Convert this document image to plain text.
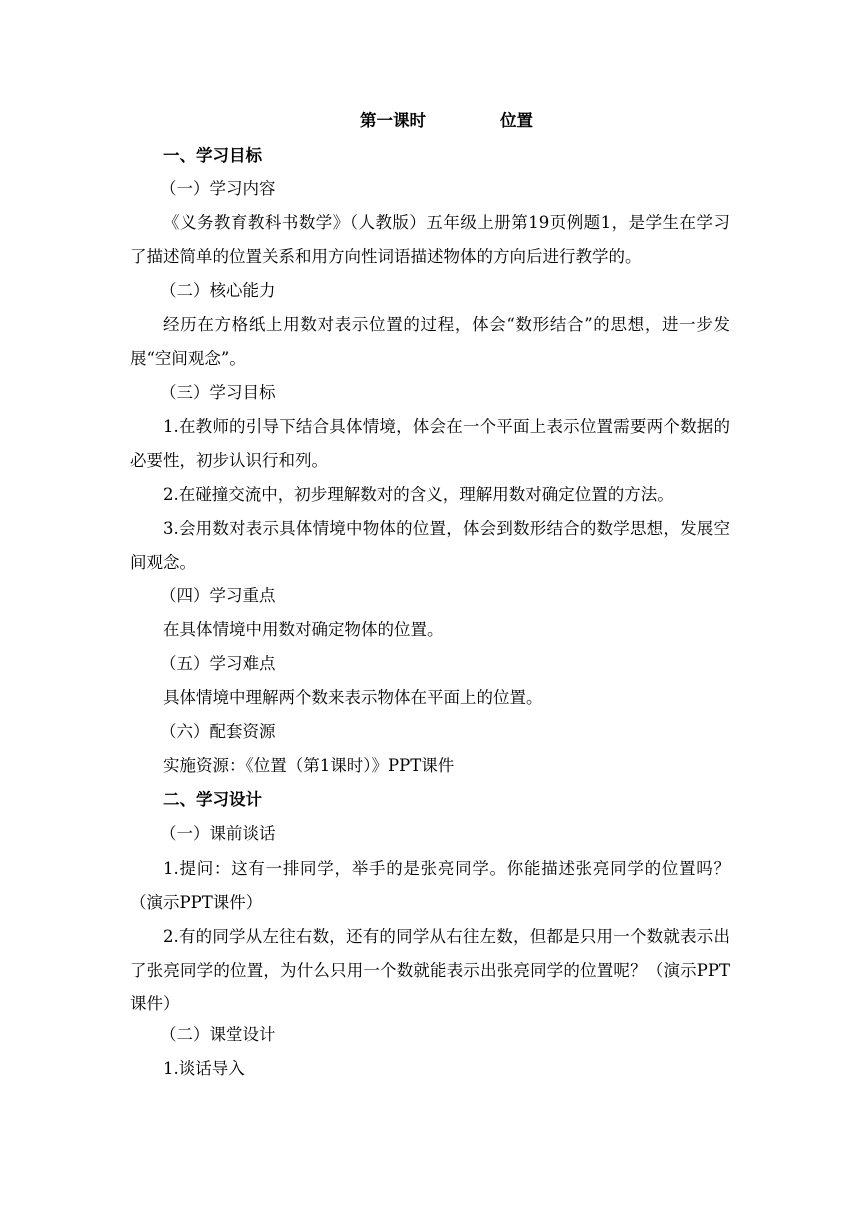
第一课时	位置
一、学习目标
（一）学习内容
《义务教育教科书数学》（人教版）五年级上册第19页例题1，是学生在学习了描述简单的位置关系和用方向性词语描述物体的方向后进行教学的。
（二）核心能力
经历在方格纸上用数对表示位置的过程，体会“数形结合”的思想，进一步发展“空间观念”。
（三）学习目标
1.在教师的引导下结合具体情境，体会在一个平面上表示位置需要两个数据的必要性，初步认识行和列。
2.在碰撞交流中，初步理解数对的含义，理解用数对确定位置的方法。
3.会用数对表示具体情境中物体的位置，体会到数形结合的数学思想，发展空间观念。
（四）学习重点
在具体情境中用数对确定物体的位置。
（五）学习难点
具体情境中理解两个数来表示物体在平面上的位置。
（六）配套资源
实施资源：《位置（第1课时）》PPT课件
二、学习设计
（一）课前谈话
1.提问：这有一排同学，举手的是张亮同学。你能描述张亮同学的位置吗？（演示PPT课件）
2.有的同学从左往右数，还有的同学从右往左数，但都是只用一个数就表示出了张亮同学的位置，为什么只用一个数就能表示出张亮同学的位置呢？（演示PPT课件）
（二）课堂设计
1.谈话导入
